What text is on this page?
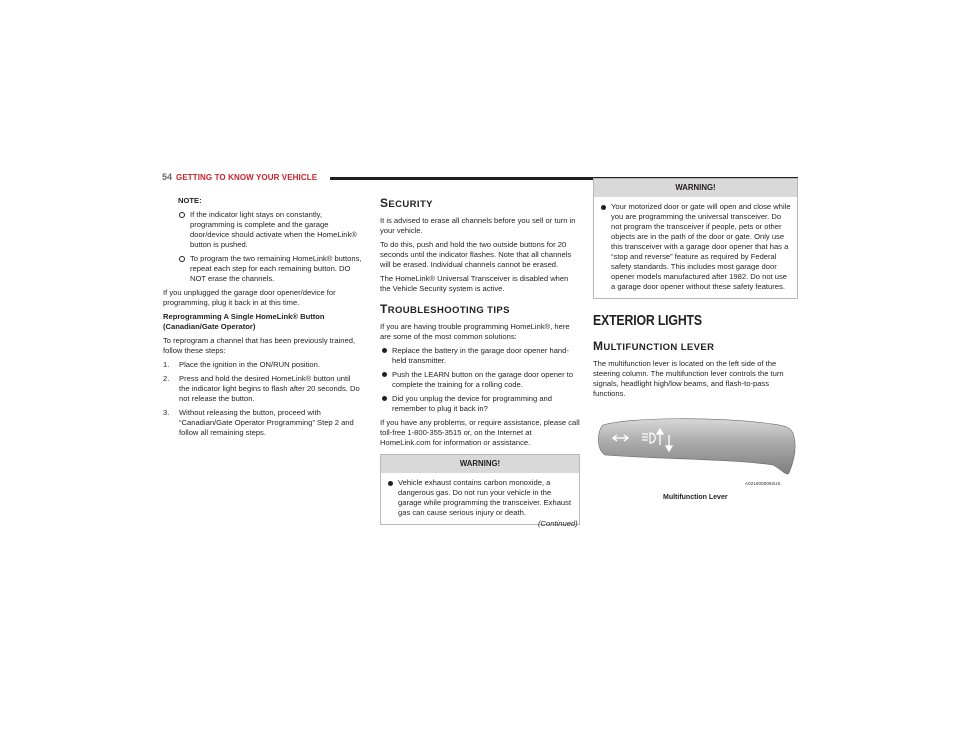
54 GETTING TO KNOW YOUR VEHICLE
NOTE:
If the indicator light stays on constantly, programming is complete and the garage door/device should activate when the HomeLink® button is pushed.
To program the two remaining HomeLink® buttons, repeat each step for each remaining button. DO NOT erase the channels.

If you unplugged the garage door opener/device for programming, plug it back in at this time.

Reprogramming A Single HomeLink® Button (Canadian/Gate Operator)

To reprogram a channel that has been previously trained, follow these steps:

1. Place the ignition in the ON/RUN position.
2. Press and hold the desired HomeLink® button until the indicator light begins to flash after 20 seconds. Do not release the button.
3. Without releasing the button, proceed with “Canadian/Gate Operator Programming” Step 2 and follow all remaining steps.
SECURITY

It is advised to erase all channels before you sell or turn in your vehicle.

To do this, push and hold the two outside buttons for 20 seconds until the indicator flashes. Note that all channels will be erased. Individual channels cannot be erased.

The HomeLink® Universal Transceiver is disabled when the Vehicle Security system is active.

TROUBLESHOOTING TIPS

If you are having trouble programming HomeLink®, here are some of the most common solutions:

Replace the battery in the garage door opener hand-held transmitter.
Push the LEARN button on the garage door opener to complete the training for a rolling code.
Did you unplug the device for programming and remember to plug it back in?

If you have any problems, or require assistance, please call toll-free 1-800-355-3515 or, on the Internet at HomeLink.com for information or assistance.

WARNING!
Vehicle exhaust contains carbon monoxide, a dangerous gas. Do not run your vehicle in the garage while programming the transceiver. Exhaust gas can cause serious injury or death.
(Continued)
WARNING!
Your motorized door or gate will open and close while you are programming the universal transceiver. Do not program the transceiver if people, pets or other objects are in the path of the door or gate. Only use this transceiver with a garage door opener that has a “stop and reverse” feature as required by Federal safety standards. This includes most garage door opener models manufactured after 1982. Do not use a garage door opener without these safety features.
EXTERIOR LIGHTS
MULTIFUNCTION LEVER

The multifunction lever is located on the left side of the steering column. The multifunction lever controls the turn signals, headlight high/low beams, and flash-to-pass functions.

A0216000092US
Multifunction Lever
